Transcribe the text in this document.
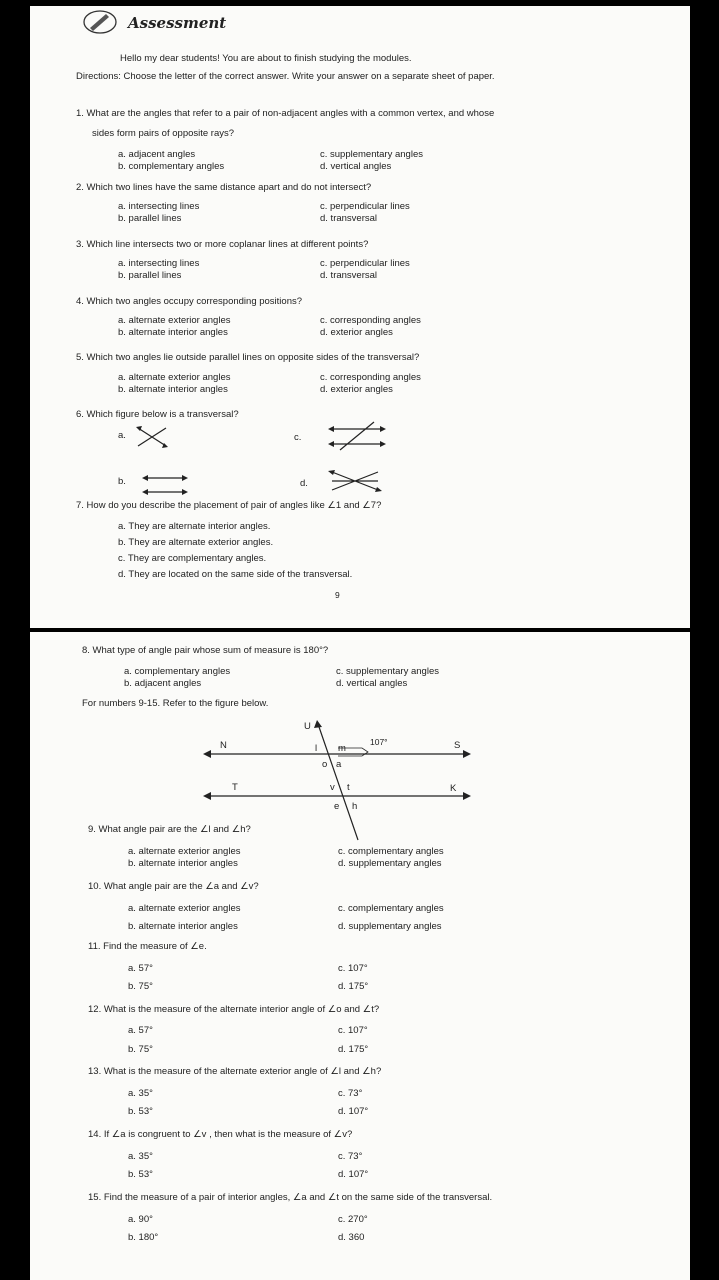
Assessment
Hello my dear students! You are about to finish studying the modules.
Directions: Choose the letter of the correct answer. Write your answer on a separate sheet of paper.
1. What are the angles that refer to a pair of non-adjacent angles with a common vertex, and whose
sides form pairs of opposite rays?
a. adjacent angles
b. complementary angles
c. supplementary angles
d. vertical angles
2. Which two lines have the same distance apart and do not intersect?
a. intersecting lines
b. parallel lines
c. perpendicular lines
d. transversal
3. Which line intersects two or more coplanar lines at different points?
a. intersecting lines
b. parallel lines
c. perpendicular lines
d. transversal
4. Which two angles occupy corresponding positions?
a. alternate exterior angles
b. alternate interior angles
c. corresponding angles
d. exterior angles
5. Which two angles lie outside parallel lines on opposite sides of the transversal?
a. alternate exterior angles
b. alternate interior angles
c. corresponding angles
d. exterior angles
6. Which figure below is a transversal?
a.	c.
b.	d.
7. How do you describe the placement of pair of angles like ∠1 and ∠7?
a. They are alternate interior angles.
b. They are alternate exterior angles.
c. They are complementary angles.
d. They are located on the same side of the transversal.
9
8. What type of angle pair whose sum of measure is 180°?
a. complementary angles
b. adjacent angles
c. supplementary angles
d. vertical angles
For numbers 9-15. Refer to the figure below.
U
N	S
l m
107°
o a
T	K
v t
e h
9. What angle pair are the ∠l and ∠h?
a. alternate exterior angles
b. alternate interior angles
c. complementary angles
d. supplementary angles
10. What angle pair are the ∠a and ∠v?
a. alternate exterior angles
b. alternate interior angles
c. complementary angles
d. supplementary angles
11. Find the measure of ∠e.
a. 57°
b. 75°
c. 107°
d. 175°
12. What is the measure of the alternate interior angle of ∠o and ∠t?
a. 57°
b. 75°
c. 107°
d. 175°
13. What is the measure of the alternate exterior angle of ∠l and ∠h?
a. 35°
b. 53°
c. 73°
d. 107°
14. If ∠a is congruent to ∠v , then what is the measure of ∠v?
a. 35°
b. 53°
c. 73°
d. 107°
15. Find the measure of a pair of interior angles, ∠a and ∠t on the same side of the transversal.
a. 90°
b. 180°
c. 270°
d. 360
